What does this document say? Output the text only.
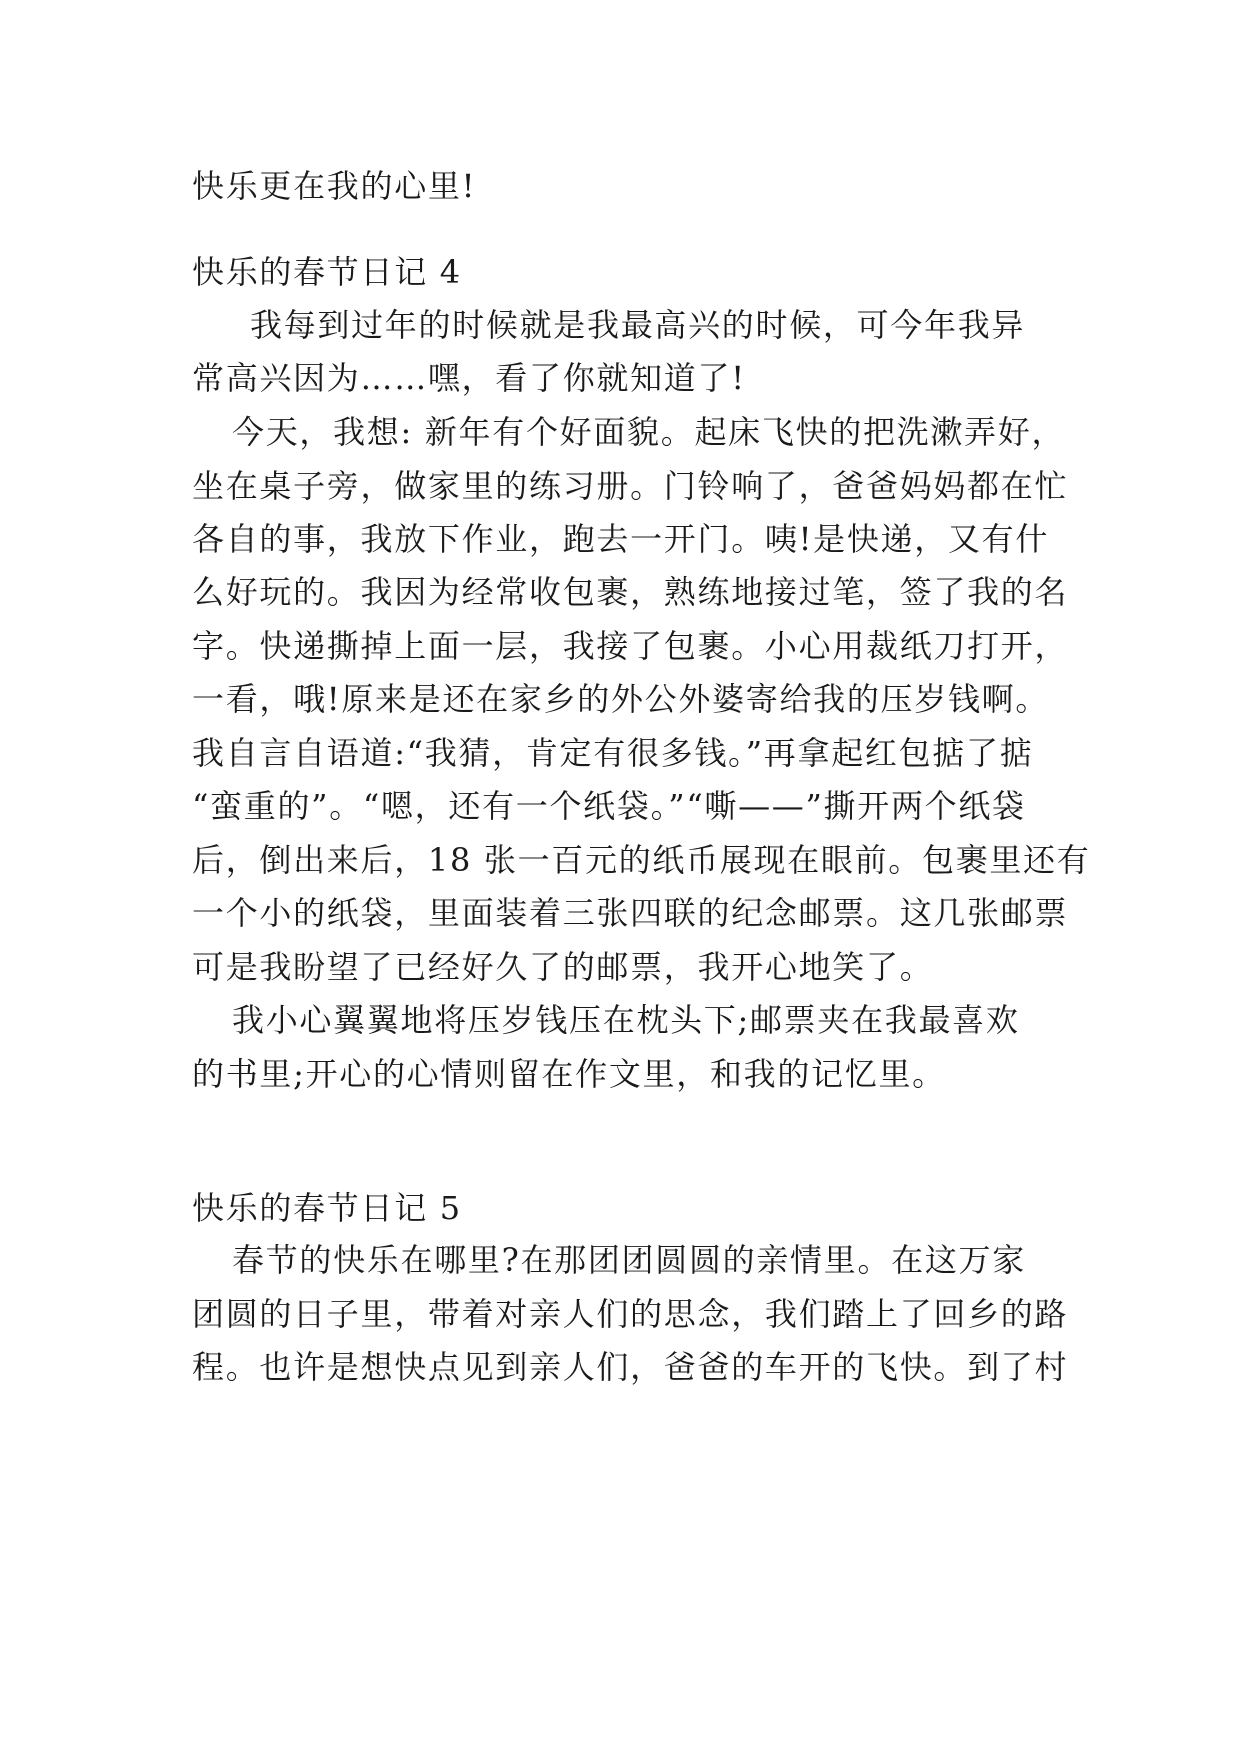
快乐更在我的心里!
快乐的春节日记 4
我每到过年的时候就是我最高兴的时候，可今年我异
常高兴因为……嘿，看了你就知道了!
今天，我想: 新年有个好面貌。起床飞快的把洗漱弄好，
坐在桌子旁，做家里的练习册。门铃响了，爸爸妈妈都在忙
各自的事，我放下作业，跑去一开门。咦!是快递，又有什
么好玩的。我因为经常收包裹，熟练地接过笔，签了我的名
字。快递撕掉上面一层，我接了包裹。小心用裁纸刀打开，
一看，哦!原来是还在家乡的外公外婆寄给我的压岁钱啊。
我自言自语道:“我猜，肯定有很多钱。”再拿起红包掂了掂
“蛮重的”。“嗯，还有一个纸袋。”“嘶——”撕开两个纸袋
后，倒出来后，18 张一百元的纸币展现在眼前。包裹里还有
一个小的纸袋，里面装着三张四联的纪念邮票。这几张邮票
可是我盼望了已经好久了的邮票，我开心地笑了。
我小心翼翼地将压岁钱压在枕头下;邮票夹在我最喜欢
的书里;开心的心情则留在作文里，和我的记忆里。
快乐的春节日记 5
春节的快乐在哪里?在那团团圆圆的亲情里。在这万家
团圆的日子里，带着对亲人们的思念，我们踏上了回乡的路
程。也许是想快点见到亲人们，爸爸的车开的飞快。到了村
